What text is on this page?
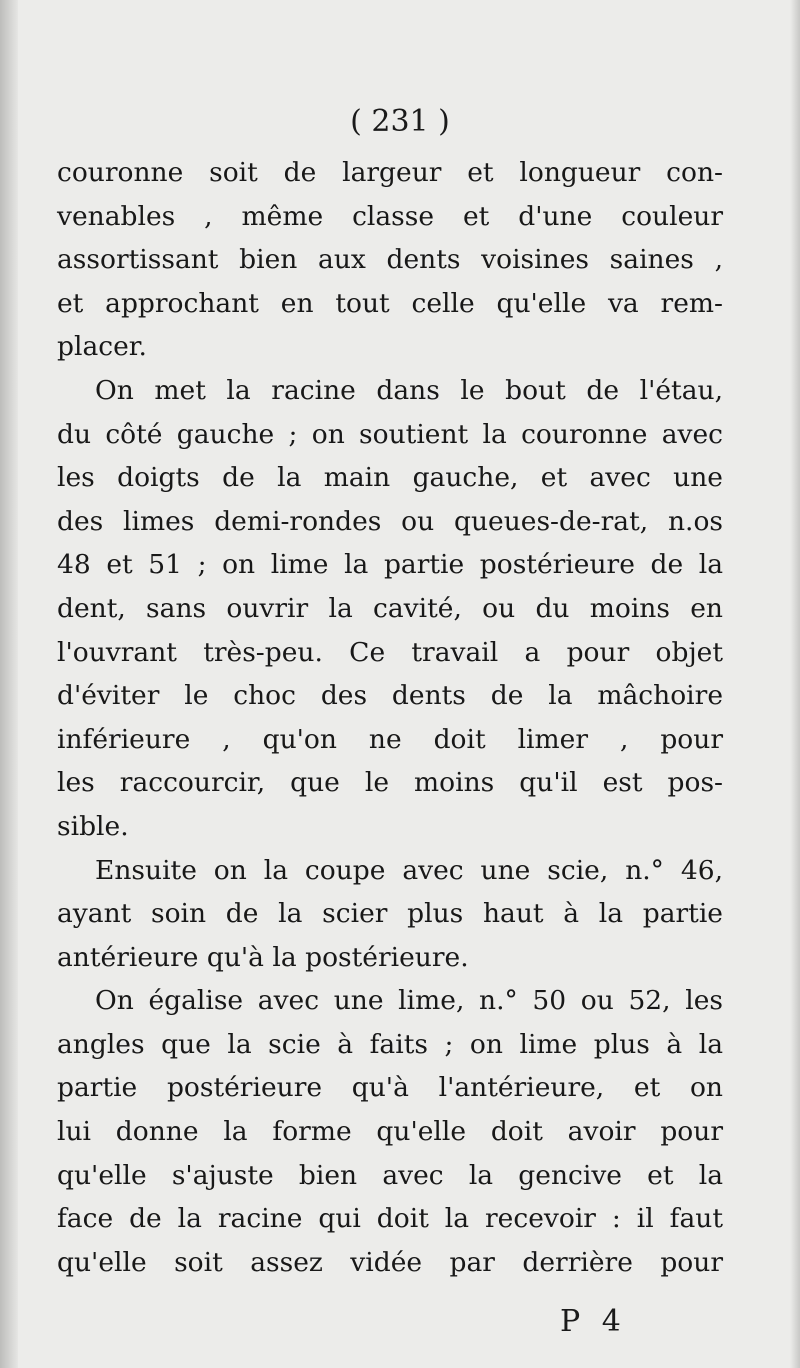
( 231 )
couronne soit de largeur et longueur con-
venables , même classe et d'une couleur
assortissant bien aux dents voisines saines ,
et approchant en tout celle qu'elle va rem-
placer.
On met la racine dans le bout de l'étau,
du côté gauche ; on soutient la couronne avec
les doigts de la main gauche, et avec une
des limes demi-rondes ou queues-de-rat, n.os
48 et 51 ; on lime la partie postérieure de la
dent, sans ouvrir la cavité, ou du moins en
l'ouvrant très-peu. Ce travail a pour objet
d'éviter le choc des dents de la mâchoire
inférieure , qu'on ne doit limer , pour
les raccourcir, que le moins qu'il est pos-
sible.
Ensuite on la coupe avec une scie, n.° 46,
ayant soin de la scier plus haut à la partie
antérieure qu'à la postérieure.
On égalise avec une lime, n.° 50 ou 52, les
angles que la scie à faits ; on lime plus à la
partie postérieure qu'à l'antérieure, et on
lui donne la forme qu'elle doit avoir pour
qu'elle s'ajuste bien avec la gencive et la
face de la racine qui doit la recevoir : il faut
qu'elle soit assez vidée par derrière pour
P 4
